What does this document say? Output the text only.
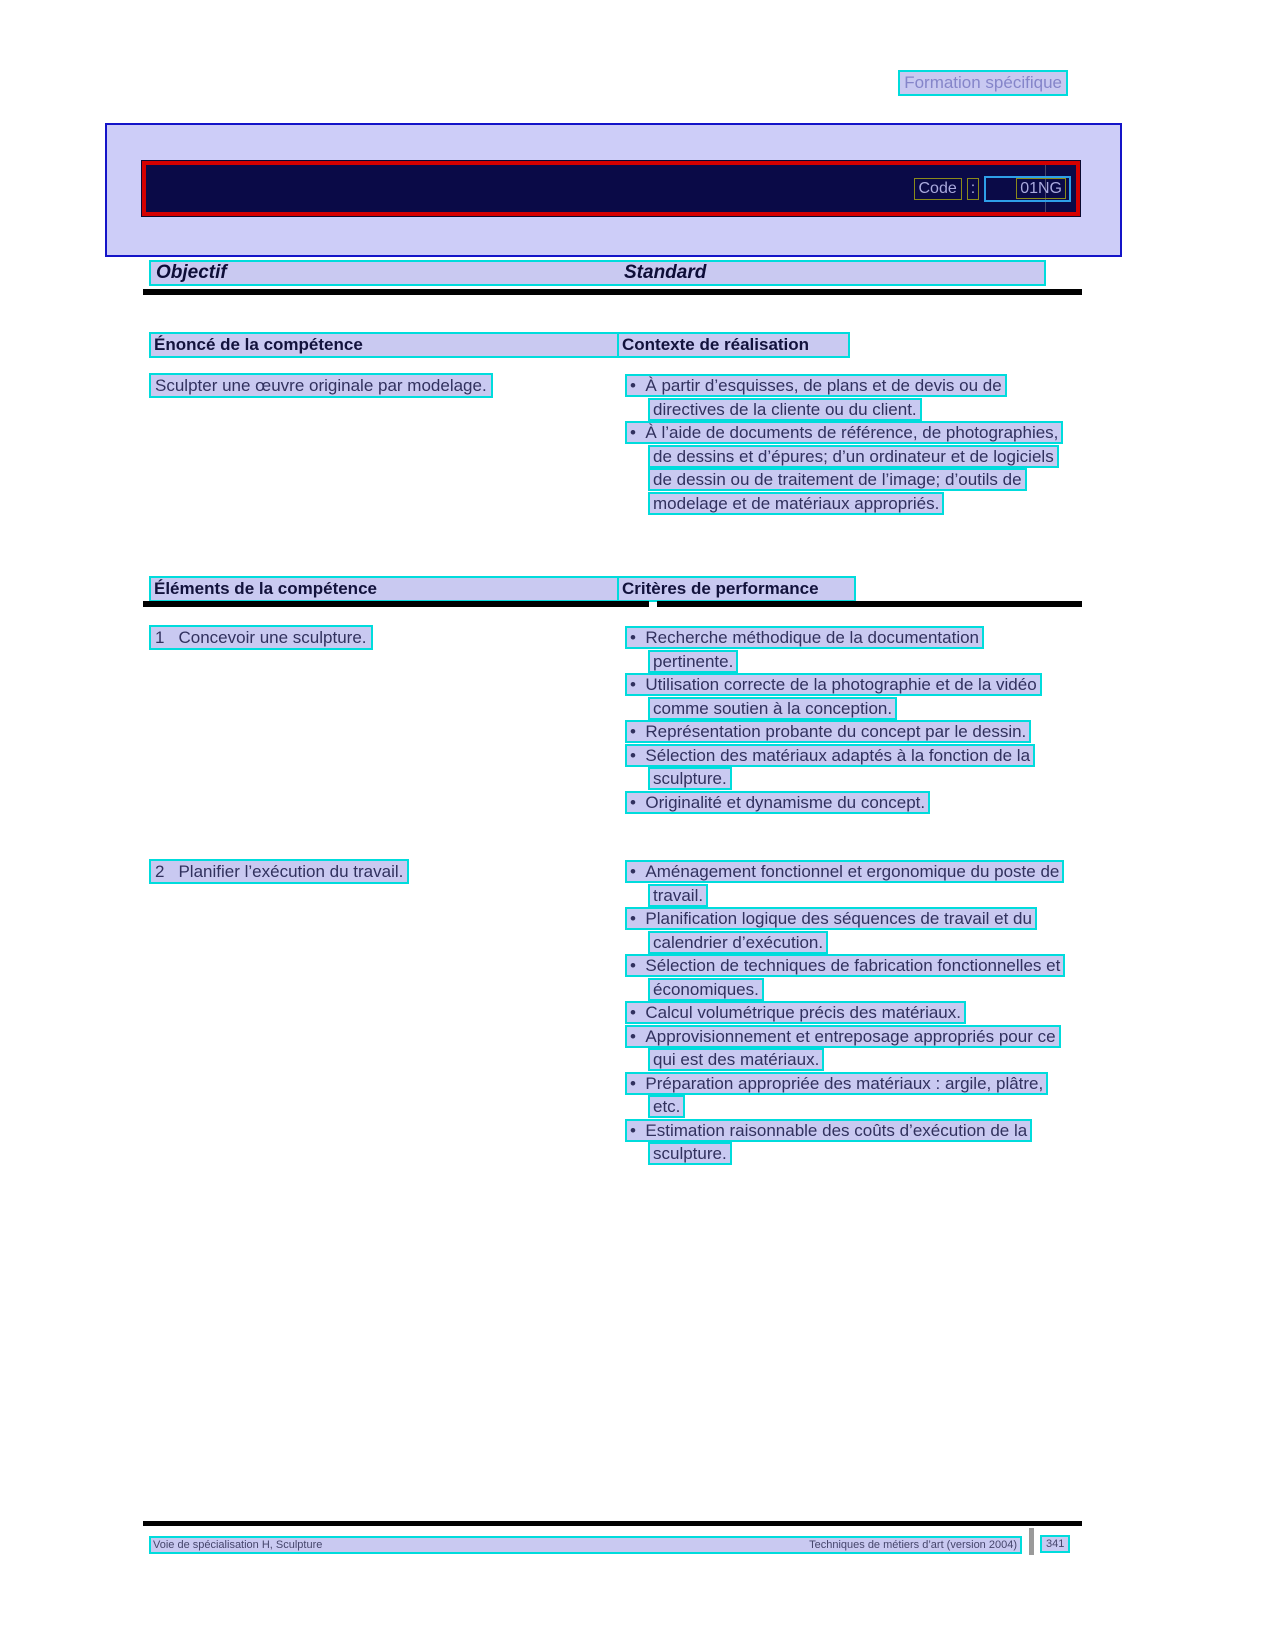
Formation spécifique
Code :	01NG
Objectif	Standard
Énoncé de la compétence	Contexte de réalisation
Sculpter une œuvre originale par modelage.	•  À partir d’esquisses, de plans et de devis ou de directives de la cliente ou du client.
•  À l’aide de documents de référence, de photographies, de dessins et d’épures; d’un ordinateur et de logiciels de dessin ou de traitement de l’image; d’outils de modelage et de matériaux appropriés.
Éléments de la compétence	Critères de performance
1 Concevoir une sculpture.	•  Recherche méthodique de la documentation pertinente.
•  Utilisation correcte de la photographie et de la vidéo comme soutien à la conception.
•  Représentation probante du concept par le dessin.
•  Sélection des matériaux adaptés à la fonction de la sculpture.
•  Originalité et dynamisme du concept.
2 Planifier l’exécution du travail.	•  Aménagement fonctionnel et ergonomique du poste de travail.
•  Planification logique des séquences de travail et du calendrier d’exécution.
•  Sélection de techniques de fabrication fonctionnelles et économiques.
•  Calcul volumétrique précis des matériaux.
•  Approvisionnement et entreposage appropriés pour ce qui est des matériaux.
•  Préparation appropriée des matériaux : argile, plâtre, etc.
•  Estimation raisonnable des coûts d’exécution de la sculpture.
Voie de spécialisation H, Sculpture	Techniques de métiers d’art (version 2004)	341
